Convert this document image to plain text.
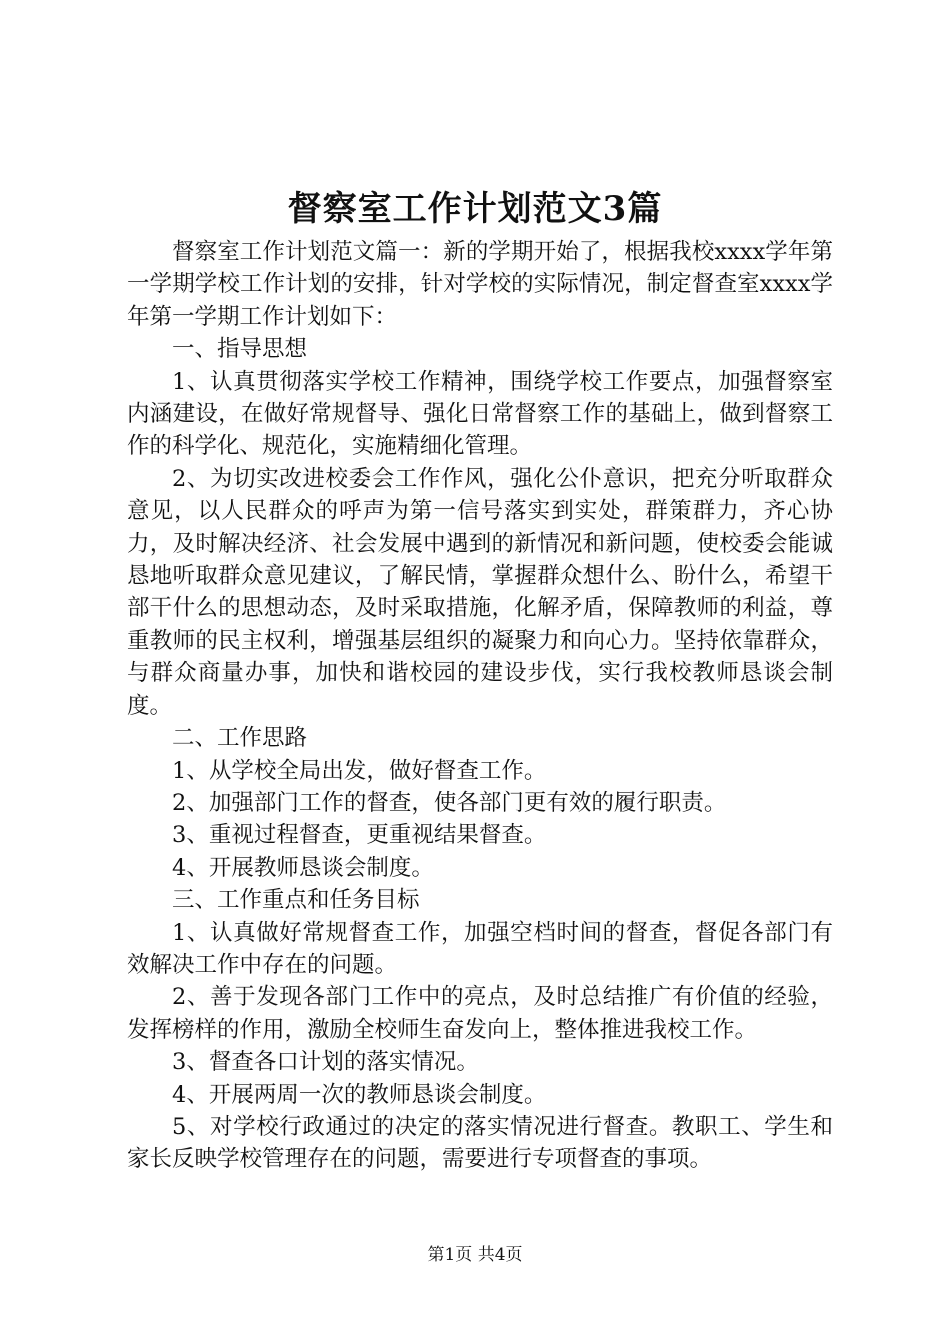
督察室工作计划范文3篇

督察室工作计划范文篇一：新的学期开始了，根据我校xxxx学年第一学期学校工作计划的安排，针对学校的实际情况，制定督查室xxxx学年第一学期工作计划如下：

一、指导思想

1、认真贯彻落实学校工作精神，围绕学校工作要点，加强督察室内涵建设，在做好常规督导、强化日常督察工作的基础上，做到督察工作的科学化、规范化，实施精细化管理。

2、为切实改进校委会工作作风，强化公仆意识，把充分听取群众意见，以人民群众的呼声为第一信号落实到实处，群策群力，齐心协力，及时解决经济、社会发展中遇到的新情况和新问题，使校委会能诚恳地听取群众意见建议，了解民情，掌握群众想什么、盼什么，希望干部干什么的思想动态，及时采取措施，化解矛盾，保障教师的利益，尊重教师的民主权利，增强基层组织的凝聚力和向心力。坚持依靠群众，与群众商量办事，加快和谐校园的建设步伐，实行我校教师恳谈会制度。

二、工作思路

1、从学校全局出发，做好督查工作。

2、加强部门工作的督查，使各部门更有效的履行职责。

3、重视过程督查，更重视结果督查。

4、开展教师恳谈会制度。

三、工作重点和任务目标

1、认真做好常规督查工作，加强空档时间的督查，督促各部门有效解决工作中存在的问题。

2、善于发现各部门工作中的亮点，及时总结推广有价值的经验，发挥榜样的作用，激励全校师生奋发向上，整体推进我校工作。

3、督查各口计划的落实情况。

4、开展两周一次的教师恳谈会制度。

5、对学校行政通过的决定的落实情况进行督查。教职工、学生和家长反映学校管理存在的问题，需要进行专项督查的事项。

第1页 共4页
